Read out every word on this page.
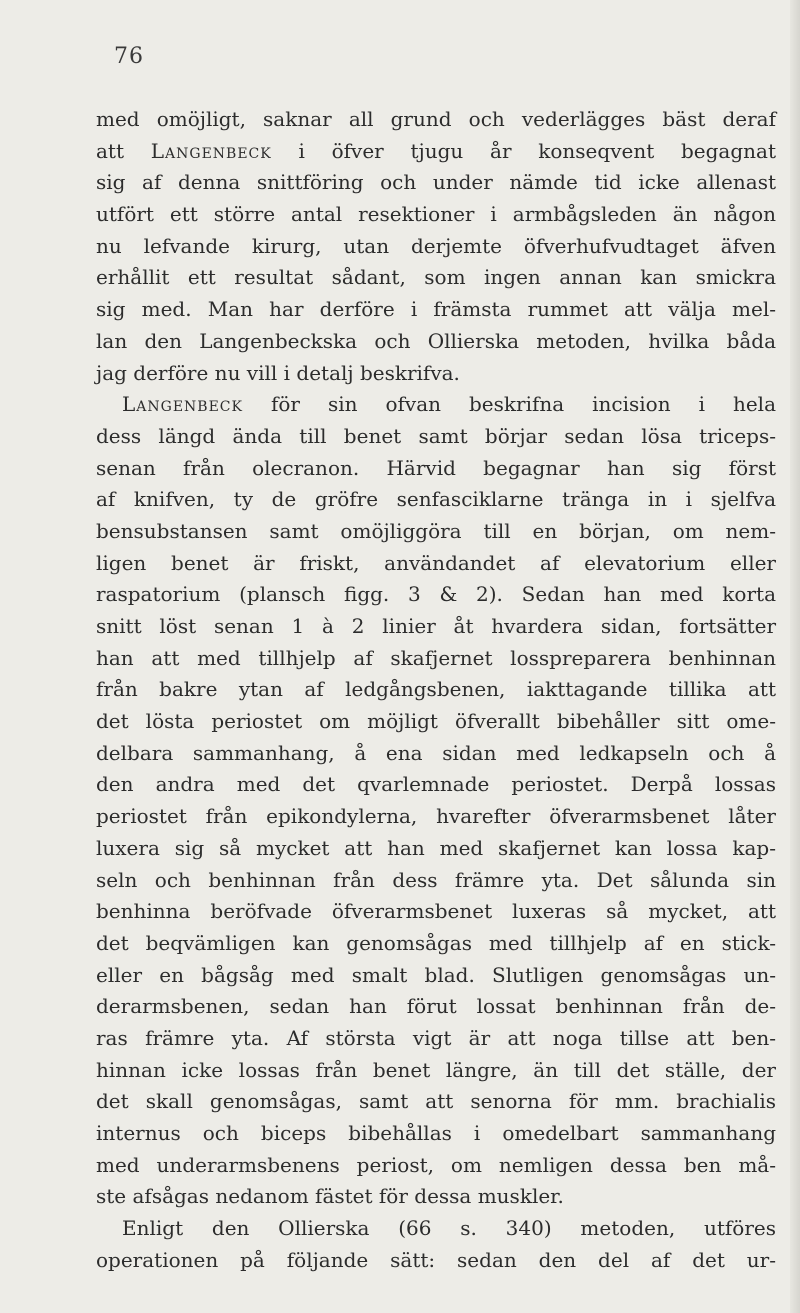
76
med omöjligt, saknar all grund och vederlägges bäst deraf
att Langenbeck i öfver tjugu år konseqvent begagnat
sig af denna snittföring och under nämde tid icke allenast
utfört ett större antal resektioner i armbågsleden än någon
nu lefvande kirurg, utan derjemte öfverhufvudtaget äfven
erhållit ett resultat sådant, som ingen annan kan smickra
sig med. Man har derföre i främsta rummet att välja mel-
lan den Langenbeckska och Ollierska metoden, hvilka båda
jag derföre nu vill i detalj beskrifva.
Langenbeck för sin ofvan beskrifna incision i hela
dess längd ända till benet samt börjar sedan lösa triceps-
senan från olecranon. Härvid begagnar han sig först
af knifven, ty de gröfre senfasciklarne tränga in i sjelfva
bensubstansen samt omöjliggöra till en början, om nem-
ligen benet är friskt, användandet af elevatorium eller
raspatorium (plansch figg. 3 & 2). Sedan han med korta
snitt löst senan 1 à 2 linier åt hvardera sidan, fortsätter
han att med tillhjelp af skafjernet losspreparera benhinnan
från bakre ytan af ledgångsbenen, iakttagande tillika att
det lösta periostet om möjligt öfverallt bibehåller sitt ome-
delbara sammanhang, å ena sidan med ledkapseln och å
den andra med det qvarlemnade periostet. Derpå lossas
periostet från epikondylerna, hvarefter öfverarmsbenet låter
luxera sig så mycket att han med skafjernet kan lossa kap-
seln och benhinnan från dess främre yta. Det sålunda sin
benhinna beröfvade öfverarmsbenet luxeras så mycket, att
det beqvämligen kan genomsågas med tillhjelp af en stick-
eller en bågsåg med smalt blad. Slutligen genomsågas un-
derarmsbenen, sedan han förut lossat benhinnan från de-
ras främre yta. Af största vigt är att noga tillse att ben-
hinnan icke lossas från benet längre, än till det ställe, der
det skall genomsågas, samt att senorna för mm. brachialis
internus och biceps bibehållas i omedelbart sammanhang
med underarmsbenens periost, om nemligen dessa ben må-
ste afsågas nedanom fästet för dessa muskler.
Enligt den Ollierska (66 s. 340) metoden, utföres
operationen på följande sätt: sedan den del af det ur-
